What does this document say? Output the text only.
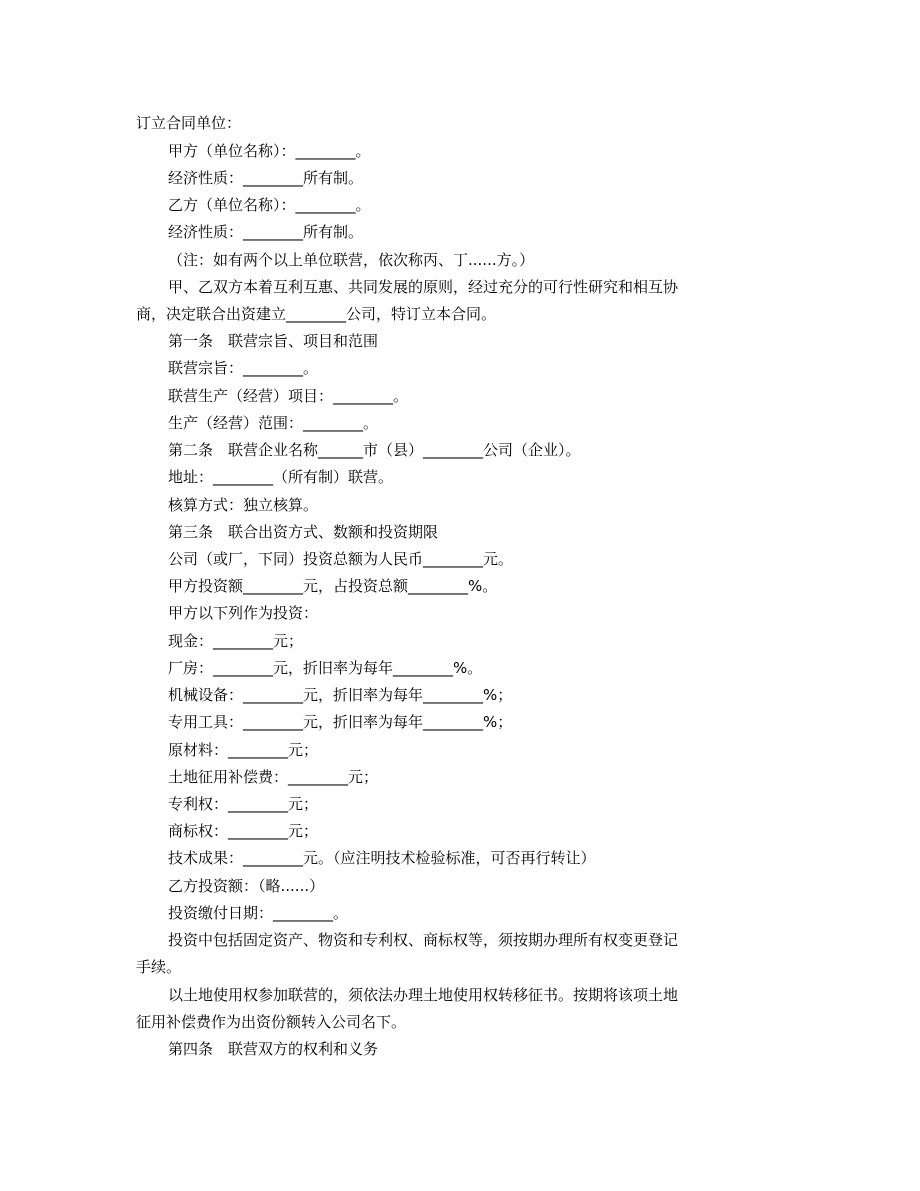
订立合同单位：
甲方（单位名称）：________。
经济性质：________所有制。
乙方（单位名称）：________。
经济性质：________所有制。
（注：如有两个以上单位联营，依次称丙、丁......方。）
甲、乙双方本着互利互惠、共同发展的原则，经过充分的可行性研究和相互协
商，决定联合出资建立________公司，特订立本合同。
第一条　联营宗旨、项目和范围
联营宗旨：________。
联营生产（经营）项目：________。
生产（经营）范围：________。
第二条　联营企业名称______市（县）________公司（企业）。
地址：________（所有制）联营。
核算方式：独立核算。
第三条　联合出资方式、数额和投资期限
公司（或厂，下同）投资总额为人民币________元。
甲方投资额________元，占投资总额________%。
甲方以下列作为投资：
现金：________元；
厂房：________元，折旧率为每年________%。
机械设备：________元，折旧率为每年________%；
专用工具：________元，折旧率为每年________%；
原材料：________元；
土地征用补偿费：________元；
专利权：________元；
商标权：________元；
技术成果：________元。（应注明技术检验标准，可否再行转让）
乙方投资额：（略......）
投资缴付日期：________。
投资中包括固定资产、物资和专利权、商标权等，须按期办理所有权变更登记
手续。
以土地使用权参加联营的，须依法办理土地使用权转移征书。按期将该项土地
征用补偿费作为出资份额转入公司名下。
第四条　联营双方的权利和义务
